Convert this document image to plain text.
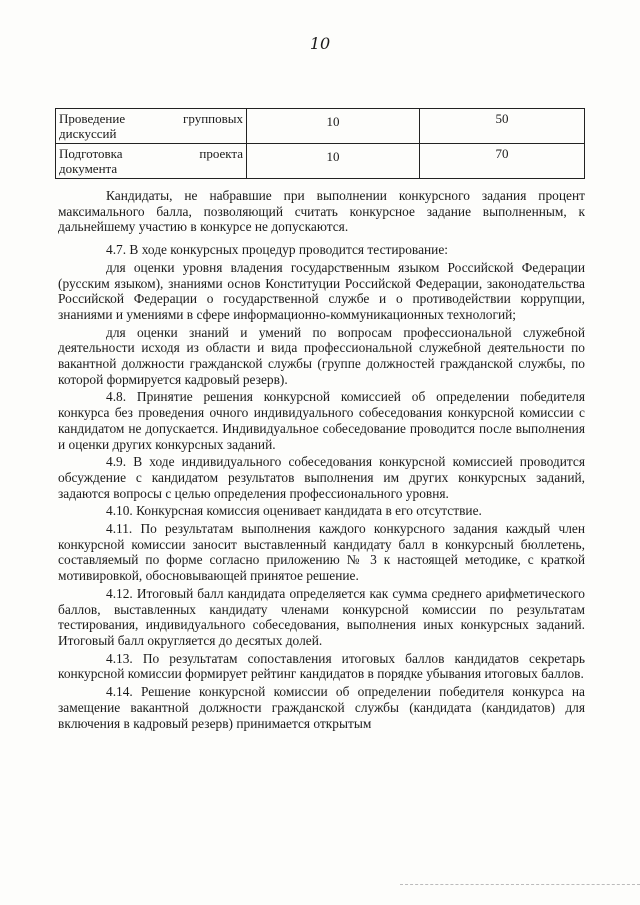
10
Проведение групповых
дискуссий	10	50

Подготовка проекта
документа	10	70

Кандидаты, не набравшие при выполнении конкурсного задания процент максимального балла, позволяющий считать конкурсное задание выполненным, к дальнейшему участию в конкурсе не допускаются.

4.7. В ходе конкурсных процедур проводится тестирование:

для оценки уровня владения государственным языком Российской Федерации (русским языком), знаниями основ Конституции Российской Федерации, законодательства Российской Федерации о государственной службе и о противодействии коррупции, знаниями и умениями в сфере информационно-коммуникационных технологий;

для оценки знаний и умений по вопросам профессиональной служебной деятельности исходя из области и вида профессиональной служебной деятельности по вакантной должности гражданской службы (группе должностей гражданской службы, по которой формируется кадровый резерв).

4.8. Принятие решения конкурсной комиссией об определении победителя конкурса без проведения очного индивидуального собеседования конкурсной комиссии с кандидатом не допускается. Индивидуальное собеседование проводится после выполнения и оценки других конкурсных заданий.

4.9. В ходе индивидуального собеседования конкурсной комиссией проводится обсуждение с кандидатом результатов выполнения им других конкурсных заданий, задаются вопросы с целью определения профессионального уровня.

4.10. Конкурсная комиссия оценивает кандидата в его отсутствие.

4.11. По результатам выполнения каждого конкурсного задания каждый член конкурсной комиссии заносит выставленный кандидату балл в конкурсный бюллетень, составляемый по форме согласно приложению № 3 к настоящей методике, с краткой мотивировкой, обосновывающей принятое решение.

4.12. Итоговый балл кандидата определяется как сумма среднего арифметического баллов, выставленных кандидату членами конкурсной комиссии по результатам тестирования, индивидуального собеседования, выполнения иных конкурсных заданий. Итоговый балл округляется до десятых долей.

4.13. По результатам сопоставления итоговых баллов кандидатов секретарь конкурсной комиссии формирует рейтинг кандидатов в порядке убывания итоговых баллов.

4.14. Решение конкурсной комиссии об определении победителя конкурса на замещение вакантной должности гражданской службы (кандидата (кандидатов) для включения в кадровый резерв) принимается открытым
